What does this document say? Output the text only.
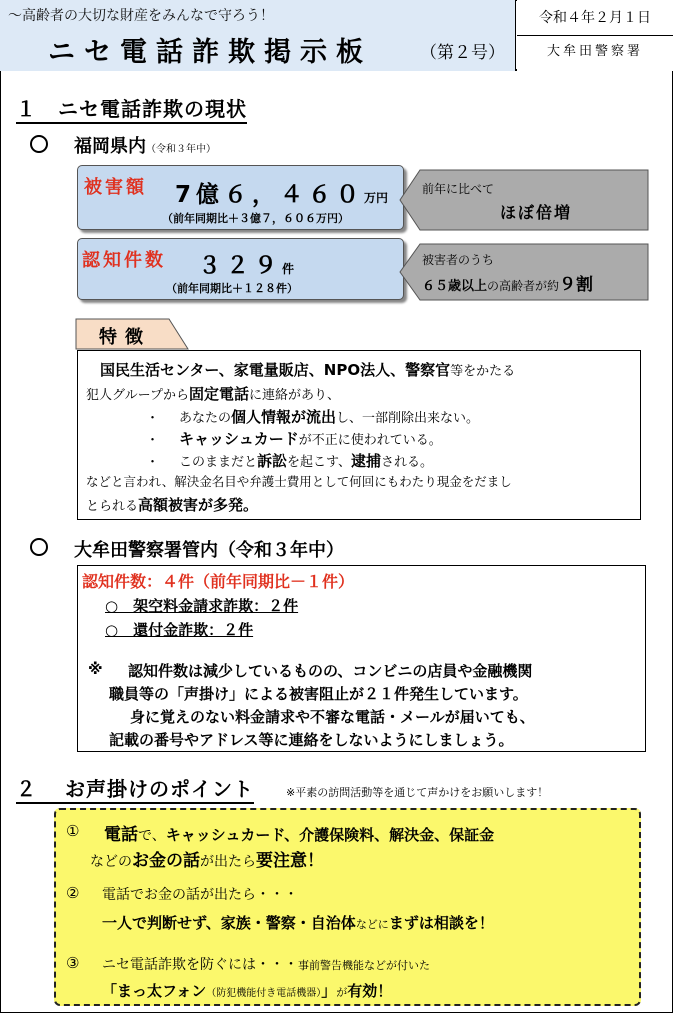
～高齢者の大切な財産をみんなで守ろう！
ニセ電話詐欺掲示板	（第２号）
令和４年２月１日
大牟田警察署
１　ニセ電話詐欺の現状
福岡県内（令和３年中）
被害額 7億６，４６０万円
（前年同期比＋３億７，６０６万円）
前年に比べて
ほぼ倍増
認知件数 ３２９件
（前年同期比＋１２８件）
被害者のうち
６５歳以上の高齢者が約９割
特徴
国民生活センター、家電量販店、NPO法人、警察官等をかたる
犯人グループから固定電話に連絡があり、
・ あなたの個人情報が流出し、一部削除出来ない。
・ キャッシュカードが不正に使われている。
・ このままだと訴訟を起こす、逮捕される。
などと言われ、解決金名目や弁護士費用として何回にもわたり現金をだまし
とられる高額被害が多発。
大牟田警察署管内（令和３年中）
認知件数：４件（前年同期比－１件）
○　架空料金請求詐欺：２件
○　還付金詐欺：２件
※ 認知件数は減少しているものの、コンビニの店員や金融機関
職員等の「声掛け」による被害阻止が２１件発生しています。
身に覚えのない料金請求や不審な電話・メールが届いても、
記載の番号やアドレス等に連絡をしないようにしましょう。
２ お声掛けのポイント	※平素の訪問活動等を通じて声かけをお願いします！
① 電話で、キャッシュカード、介護保険料、解決金、保証金
などのお金の話が出たら要注意！
② 電話でお金の話が出たら・・・
一人で判断せず、家族・警察・自治体などにまずは相談を！
③ ニセ電話詐欺を防ぐには・・・事前警告機能などが付いた
「まっ太フォン（防犯機能付き電話機器）」が有効！
